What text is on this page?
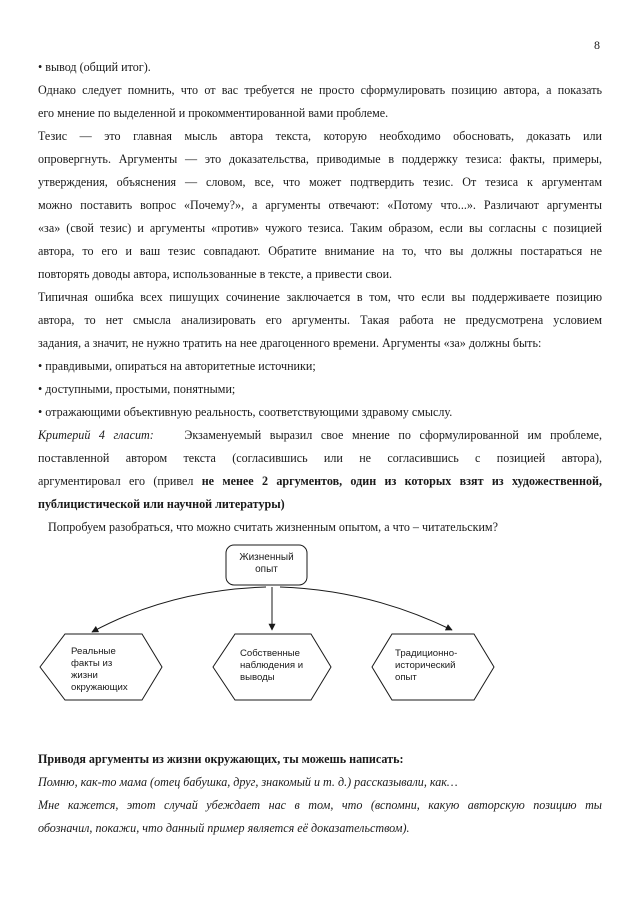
8
• вывод (общий итог).
Однако следует помнить, что от вас требуется не просто сформулировать позицию автора, а показать
его мнение по выделенной и прокомментированной вами проблеме.
Тезис — это главная мысль автора текста, которую необходимо обосновать, доказать или
опровергнуть. Аргументы — это доказательства, приводимые в поддержку тезиса: факты, примеры,
утверждения, объяснения — словом, все, что может подтвердить тезис. От тезиса к аргументам
можно поставить вопрос «Почему?», а аргументы отвечают: «Потому что...». Различают аргументы
«за» (свой тезис) и аргументы «против» чужого тезиса. Таким образом, если вы согласны с позицией
автора, то его и ваш тезис совпадают. Обратите внимание на то, что вы должны постараться не
повторять доводы автора, использованные в тексте, а привести свои.
Типичная ошибка всех пишущих сочинение заключается в том, что если вы поддерживаете позицию
автора, то нет смысла анализировать его аргументы. Такая работа не предусмотрена условием
задания, а значит, не нужно тратить на нее драгоценного времени. Аргументы «за» должны быть:
• правдивыми, опираться на авторитетные источники;
• доступными, простыми, понятными;
• отражающими объективную реальность, соответствующими здравому смыслу.
Критерий 4 гласит:	Экзаменуемый выразил свое мнение по сформулированной им проблеме,
поставленной автором текста (согласившись или не согласившись с позицией автора),
аргументировал его (привел не менее 2 аргументов, один из которых взят из художественной,
публицистической или научной литературы)
Попробуем разобраться, что можно считать жизненным опытом, а что – читательским?
Жизненный
опыт
Реальные
факты из
жизни
окружающих
Собственные
наблюдения и
выводы
Традиционно-
исторический
опыт
Приводя аргументы из жизни окружающих, ты можешь написать:
Помню, как-то мама (отец бабушка, друг, знакомый и т. д.) рассказывали, как…
Мне кажется, этот случай убеждает нас в том, что (вспомни, какую авторскую позицию ты
обозначил, покажи, что данный пример является её доказательством).
